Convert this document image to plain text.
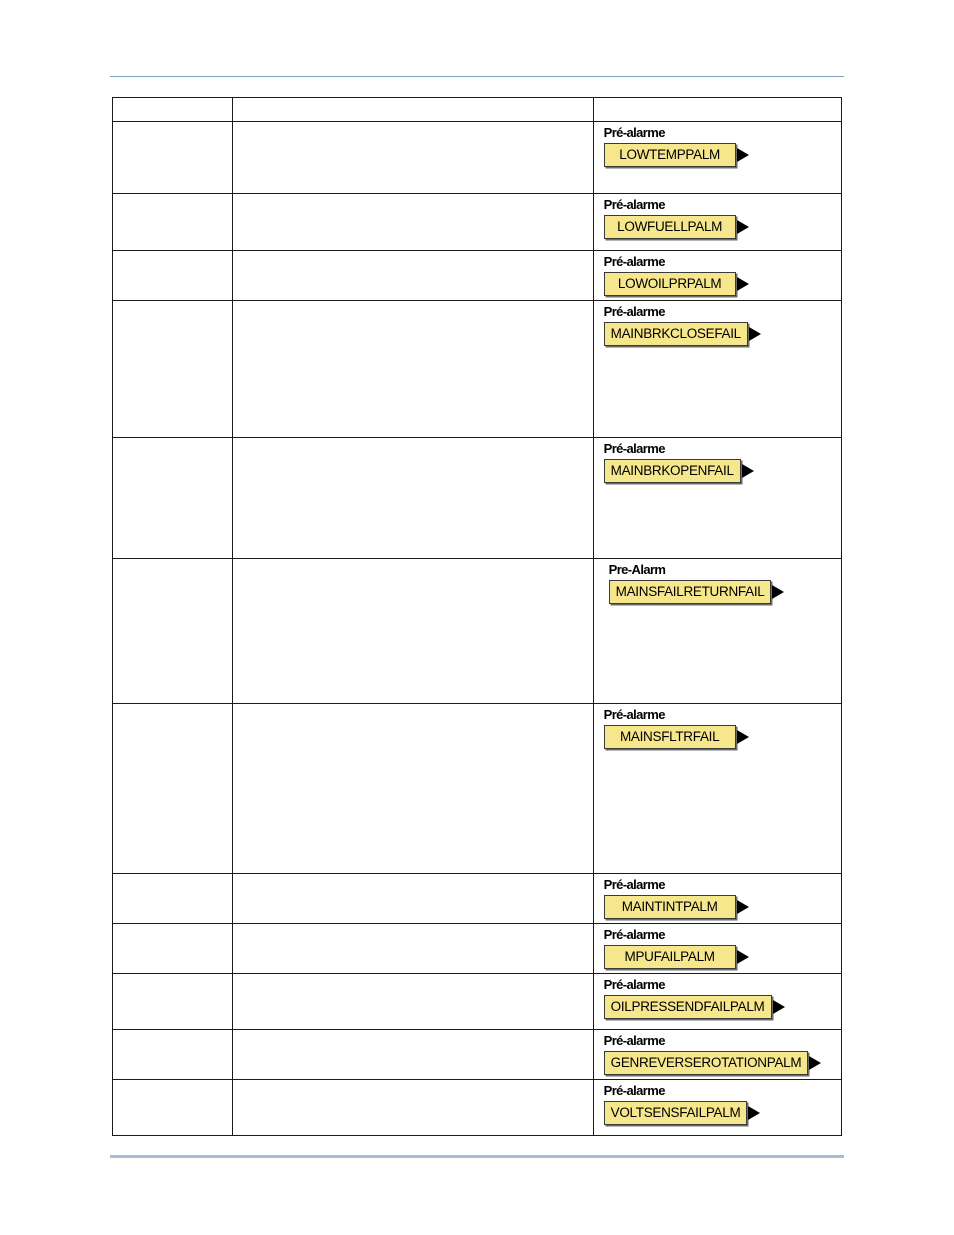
		Pré-alarme
LOWTEMPPALM

		Pré-alarme
LOWFUELLPALM

		Pré-alarme
LOWOILPRPALM

		Pré-alarme
MAINBRKCLOSEFAIL

		Pré-alarme
MAINBRKOPENFAIL

		Pre-Alarm
MAINSFAILRETURNFAIL

		Pré-alarme
MAINSFLTRFAIL

		Pré-alarme
MAINTINTPALM

		Pré-alarme
MPUFAILPALM

		Pré-alarme
OILPRESSENDFAILPALM

		Pré-alarme
GENREVERSEROTATIONPALM

		Pré-alarme
VOLTSENSFAILPALM
